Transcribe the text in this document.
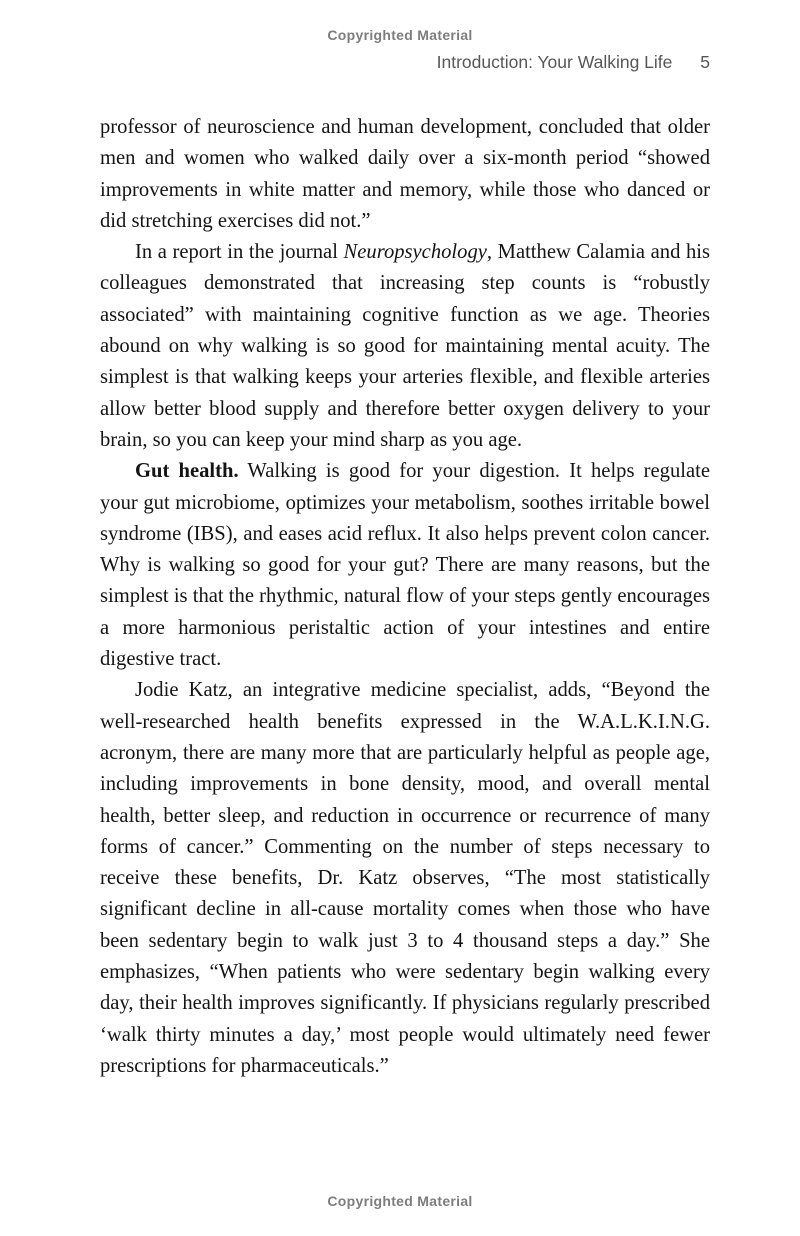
Copyrighted Material
Introduction: Your Walking Life 5

professor of neuroscience and human development, concluded that older men and women who walked daily over a six-month period “showed improvements in white matter and memory, while those who danced or did stretching exercises did not.”

In a report in the journal Neuropsychology, Matthew Calamia and his colleagues demonstrated that increasing step counts is “robustly associated” with maintaining cognitive function as we age. Theories abound on why walking is so good for maintaining mental acuity. The simplest is that walking keeps your arteries flexible, and flexible arteries allow better blood supply and therefore better oxygen delivery to your brain, so you can keep your mind sharp as you age.

Gut health. Walking is good for your digestion. It helps regulate your gut microbiome, optimizes your metabolism, soothes irritable bowel syndrome (IBS), and eases acid reflux. It also helps prevent colon cancer. Why is walking so good for your gut? There are many reasons, but the simplest is that the rhythmic, natural flow of your steps gently encourages a more harmonious peristaltic action of your intestines and entire digestive tract.

Jodie Katz, an integrative medicine specialist, adds, “Beyond the well-researched health benefits expressed in the W.A.L.K.I.N.G. acronym, there are many more that are particularly helpful as people age, including improvements in bone density, mood, and overall mental health, better sleep, and reduction in occurrence or recurrence of many forms of cancer.” Commenting on the number of steps necessary to receive these benefits, Dr. Katz observes, “The most statistically significant decline in all-cause mortality comes when those who have been sedentary begin to walk just 3 to 4 thousand steps a day.” She emphasizes, “When patients who were sedentary begin walking every day, their health improves significantly. If physicians regularly prescribed ‘walk thirty minutes a day,’ most people would ultimately need fewer prescriptions for pharmaceuticals.”

Copyrighted Material
